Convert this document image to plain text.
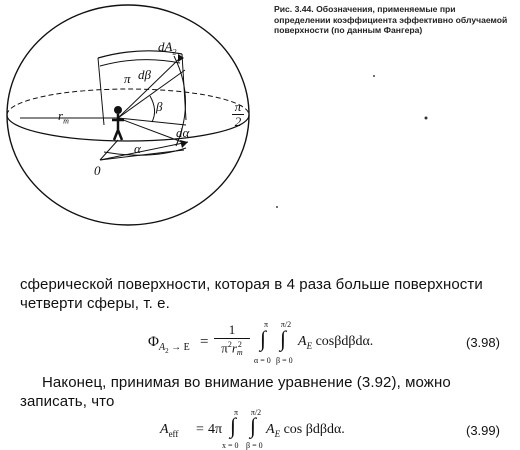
$dA_2$
π dβ
β
$r_m$
dα
α
0
π
2
Рис. 3.44. Обозначения, применяемые при определении коэффициента эффективно облучаемой поверхности (по данным Фангера)
сферической поверхности, которая в 4 раза больше поверхности четверти сферы, т. е.
$\Phi_{A_2 \to E}$ =
1
$\pi^2r2$
m
π
∫
α = 0
π/2
∫
β = 0
$A_E$ cosβdβdα.	(3.98)
Наконец, принимая во внимание уравнение (3.92), можно записать, что
$A_{eff} = 4\pi$
π
∫
x = 0
π/2
∫
β = 0
$A_E$ cos βdβdα.	(3.99)
